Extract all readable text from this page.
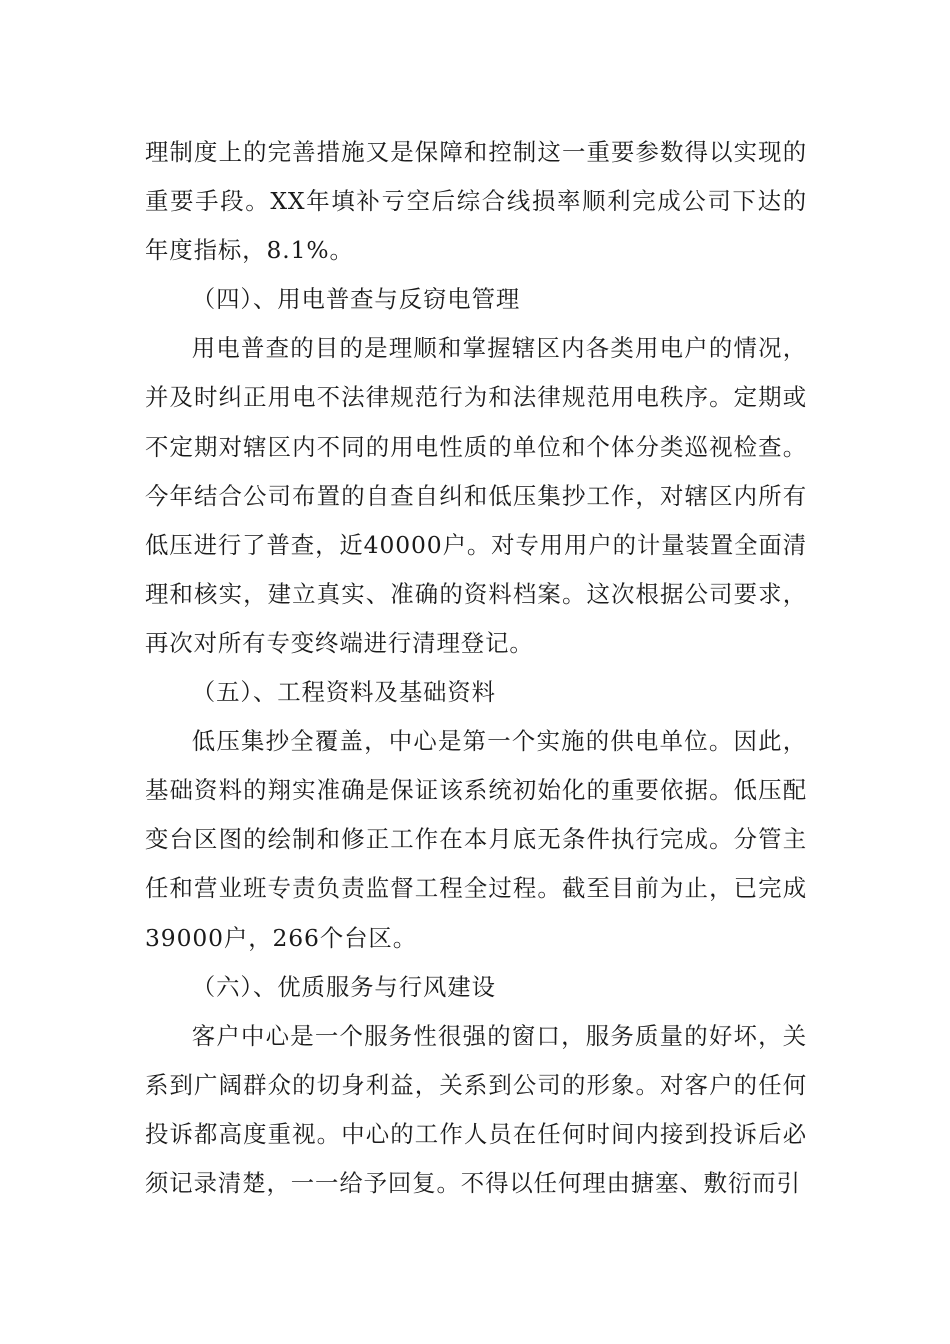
理制度上的完善措施又是保障和控制这一重要参数得以实现的重要手段。XX年填补亏空后综合线损率顺利完成公司下达的年度指标，8.1%。

（四）、用电普查与反窃电管理

用电普查的目的是理顺和掌握辖区内各类用电户的情况，并及时纠正用电不法律规范行为和法律规范用电秩序。定期或不定期对辖区内不同的用电性质的单位和个体分类巡视检查。今年结合公司布置的自查自纠和低压集抄工作，对辖区内所有低压进行了普查，近40000户。对专用用户的计量装置全面清理和核实，建立真实、准确的资料档案。这次根据公司要求，再次对所有专变终端进行清理登记。

（五）、工程资料及基础资料

低压集抄全覆盖，中心是第一个实施的供电单位。因此，基础资料的翔实准确是保证该系统初始化的重要依据。低压配变台区图的绘制和修正工作在本月底无条件执行完成。分管主任和营业班专责负责监督工程全过程。截至目前为止，已完成39000户，266个台区。

（六）、优质服务与行风建设

客户中心是一个服务性很强的窗口，服务质量的好坏，关系到广阔群众的切身利益，关系到公司的形象。对客户的任何投诉都高度重视。中心的工作人员在任何时间内接到投诉后必须记录清楚，一一给予回复。不得以任何理由搪塞、敷衍而引
